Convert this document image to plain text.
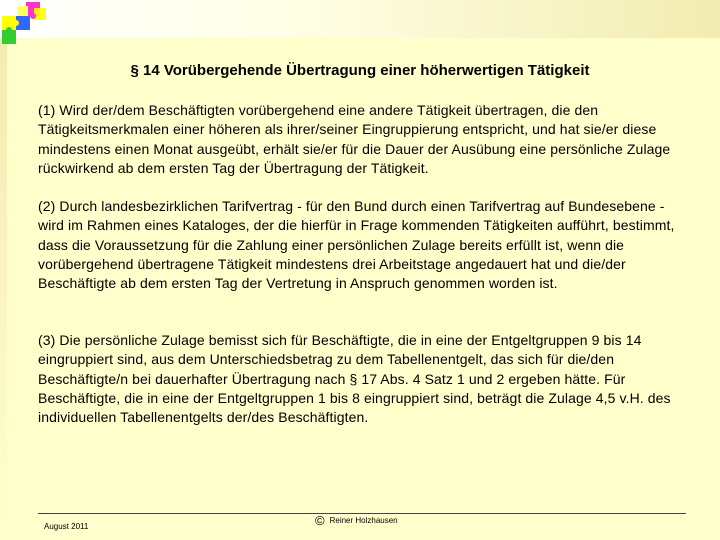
§ 14 Vorübergehende Übertragung einer höherwertigen Tätigkeit

(1) Wird der/dem Beschäftigten vorübergehend eine andere Tätigkeit übertragen, die den Tätigkeitsmerkmalen einer höheren als ihrer/seiner Eingruppierung entspricht, und hat sie/er diese mindestens einen Monat ausgeübt, erhält sie/er für die Dauer der Ausübung eine persönliche Zulage rückwirkend ab dem ersten Tag der Übertragung der Tätigkeit.

(2) Durch landesbezirklichen Tarifvertrag - für den Bund durch einen Tarifvertrag auf Bundesebene - wird im Rahmen eines Kataloges, der die hierfür in Frage kommenden Tätigkeiten aufführt, bestimmt, dass die Voraussetzung für die Zahlung einer persönlichen Zulage bereits erfüllt ist, wenn die vorübergehend übertragene Tätigkeit mindestens drei Arbeitstage angedauert hat und die/der Beschäftigte ab dem ersten Tag der Vertretung in Anspruch genommen worden ist.

(3) Die persönliche Zulage bemisst sich für Beschäftigte, die in eine der Entgeltgruppen 9 bis 14 eingruppiert sind, aus dem Unterschiedsbetrag zu dem Tabellenentgelt, das sich für die/den Beschäftigte/n bei dauerhafter Übertragung nach § 17 Abs. 4 Satz 1 und 2 ergeben hätte. Für Beschäftigte, die in eine der Entgeltgruppen 1 bis 8 eingruppiert sind, beträgt die Zulage 4,5 v.H. des individuellen Tabellenentgelts der/des Beschäftigten.

August 2011	© Reiner Holzhausen
